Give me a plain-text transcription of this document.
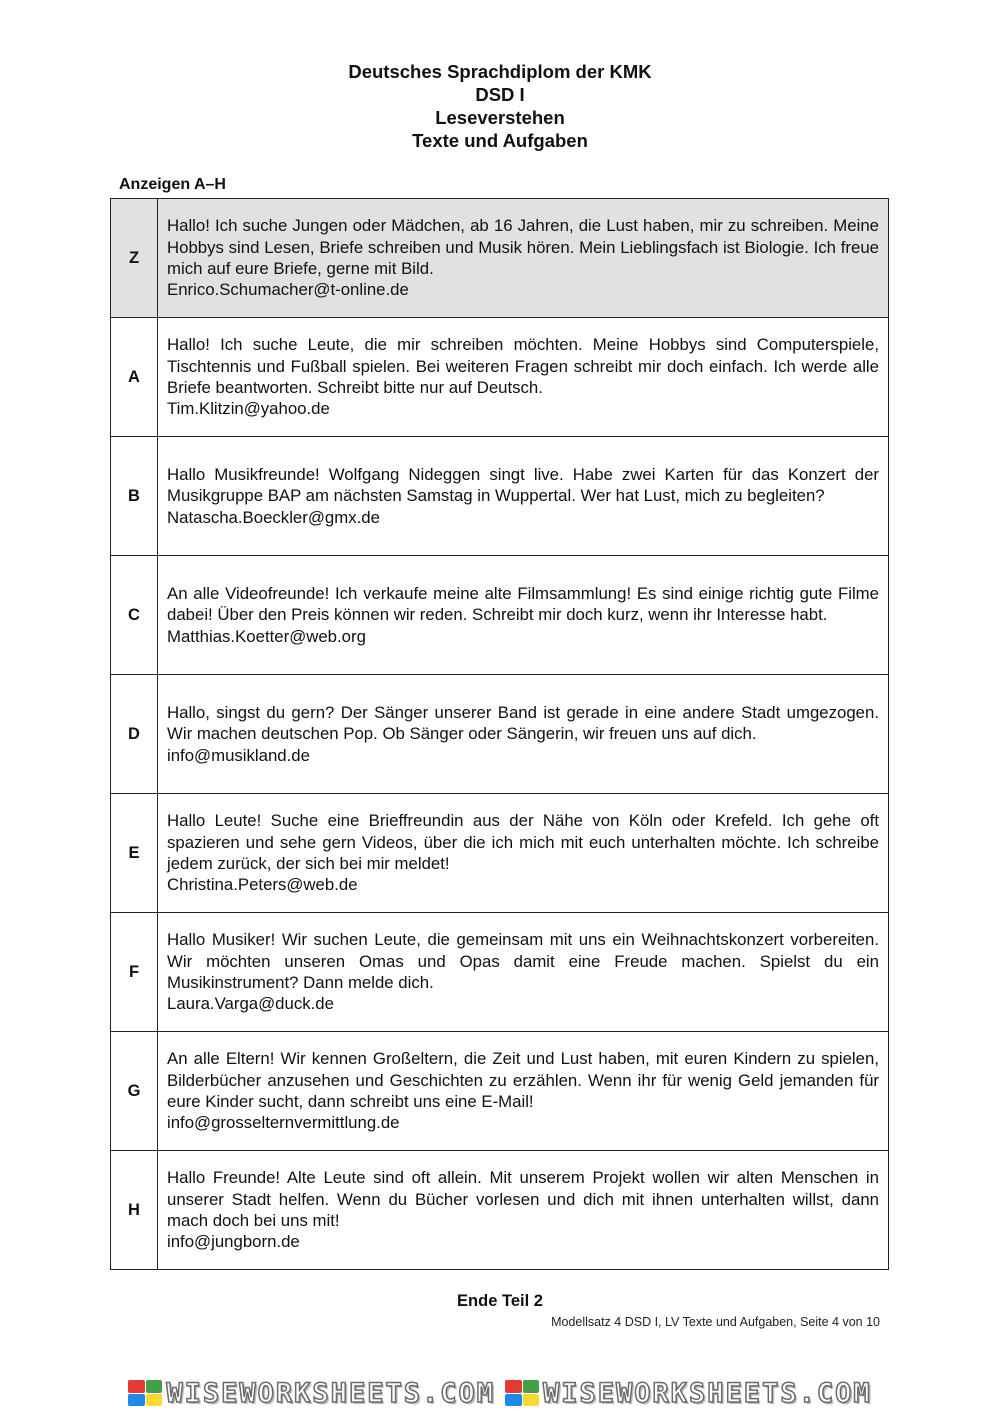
Deutsches Sprachdiplom der KMK
DSD I
Leseverstehen
Texte und Aufgaben
Anzeigen A–H
Z	Hallo! Ich suche Jungen oder Mädchen, ab 16 Jahren, die Lust haben, mir zu schreiben. Meine Hobbys sind Lesen, Briefe schreiben und Musik hören. Mein Lieblingsfach ist Biologie. Ich freue mich auf eure Briefe, gerne mit Bild.
Enrico.Schumacher@t-online.de

A	Hallo! Ich suche Leute, die mir schreiben möchten. Meine Hobbys sind Computerspiele, Tischtennis und Fußball spielen. Bei weiteren Fragen schreibt mir doch einfach. Ich werde alle Briefe beantworten. Schreibt bitte nur auf Deutsch.
Tim.Klitzin@yahoo.de

B	Hallo Musikfreunde! Wolfgang Nideggen singt live. Habe zwei Karten für das Konzert der Musikgruppe BAP am nächsten Samstag in Wuppertal. Wer hat Lust, mich zu begleiten?
Natascha.Boeckler@gmx.de

C	An alle Videofreunde! Ich verkaufe meine alte Filmsammlung! Es sind einige richtig gute Filme dabei! Über den Preis können wir reden. Schreibt mir doch kurz, wenn ihr Interesse habt.
Matthias.Koetter@web.org

D	Hallo, singst du gern? Der Sänger unserer Band ist gerade in eine andere Stadt umgezogen. Wir machen deutschen Pop. Ob Sänger oder Sängerin, wir freuen uns auf dich.
info@musikland.de

E	Hallo Leute! Suche eine Brieffreundin aus der Nähe von Köln oder Krefeld. Ich gehe oft spazieren und sehe gern Videos, über die ich mich mit euch unterhalten möchte. Ich schreibe jedem zurück, der sich bei mir meldet!
Christina.Peters@web.de

F	Hallo Musiker! Wir suchen Leute, die gemeinsam mit uns ein Weihnachtskonzert vorbereiten. Wir möchten unseren Omas und Opas damit eine Freude machen. Spielst du ein Musikinstrument? Dann melde dich.
Laura.Varga@duck.de

G	An alle Eltern! Wir kennen Großeltern, die Zeit und Lust haben, mit euren Kindern zu spielen, Bilderbücher anzusehen und Geschichten zu erzählen. Wenn ihr für wenig Geld jemanden für eure Kinder sucht, dann schreibt uns eine E-Mail!
info@grosselternvermittlung.de

H	Hallo Freunde! Alte Leute sind oft allein. Mit unserem Projekt wollen wir alten Menschen in unserer Stadt helfen. Wenn du Bücher vorlesen und dich mit ihnen unterhalten willst, dann mach doch bei uns mit!
info@jungborn.de
Ende Teil 2
Modellsatz 4 DSD I, LV Texte und Aufgaben, Seite 4 von 10
WISEWORKSHEETS.COM WISEWORKSHEETS.COM
